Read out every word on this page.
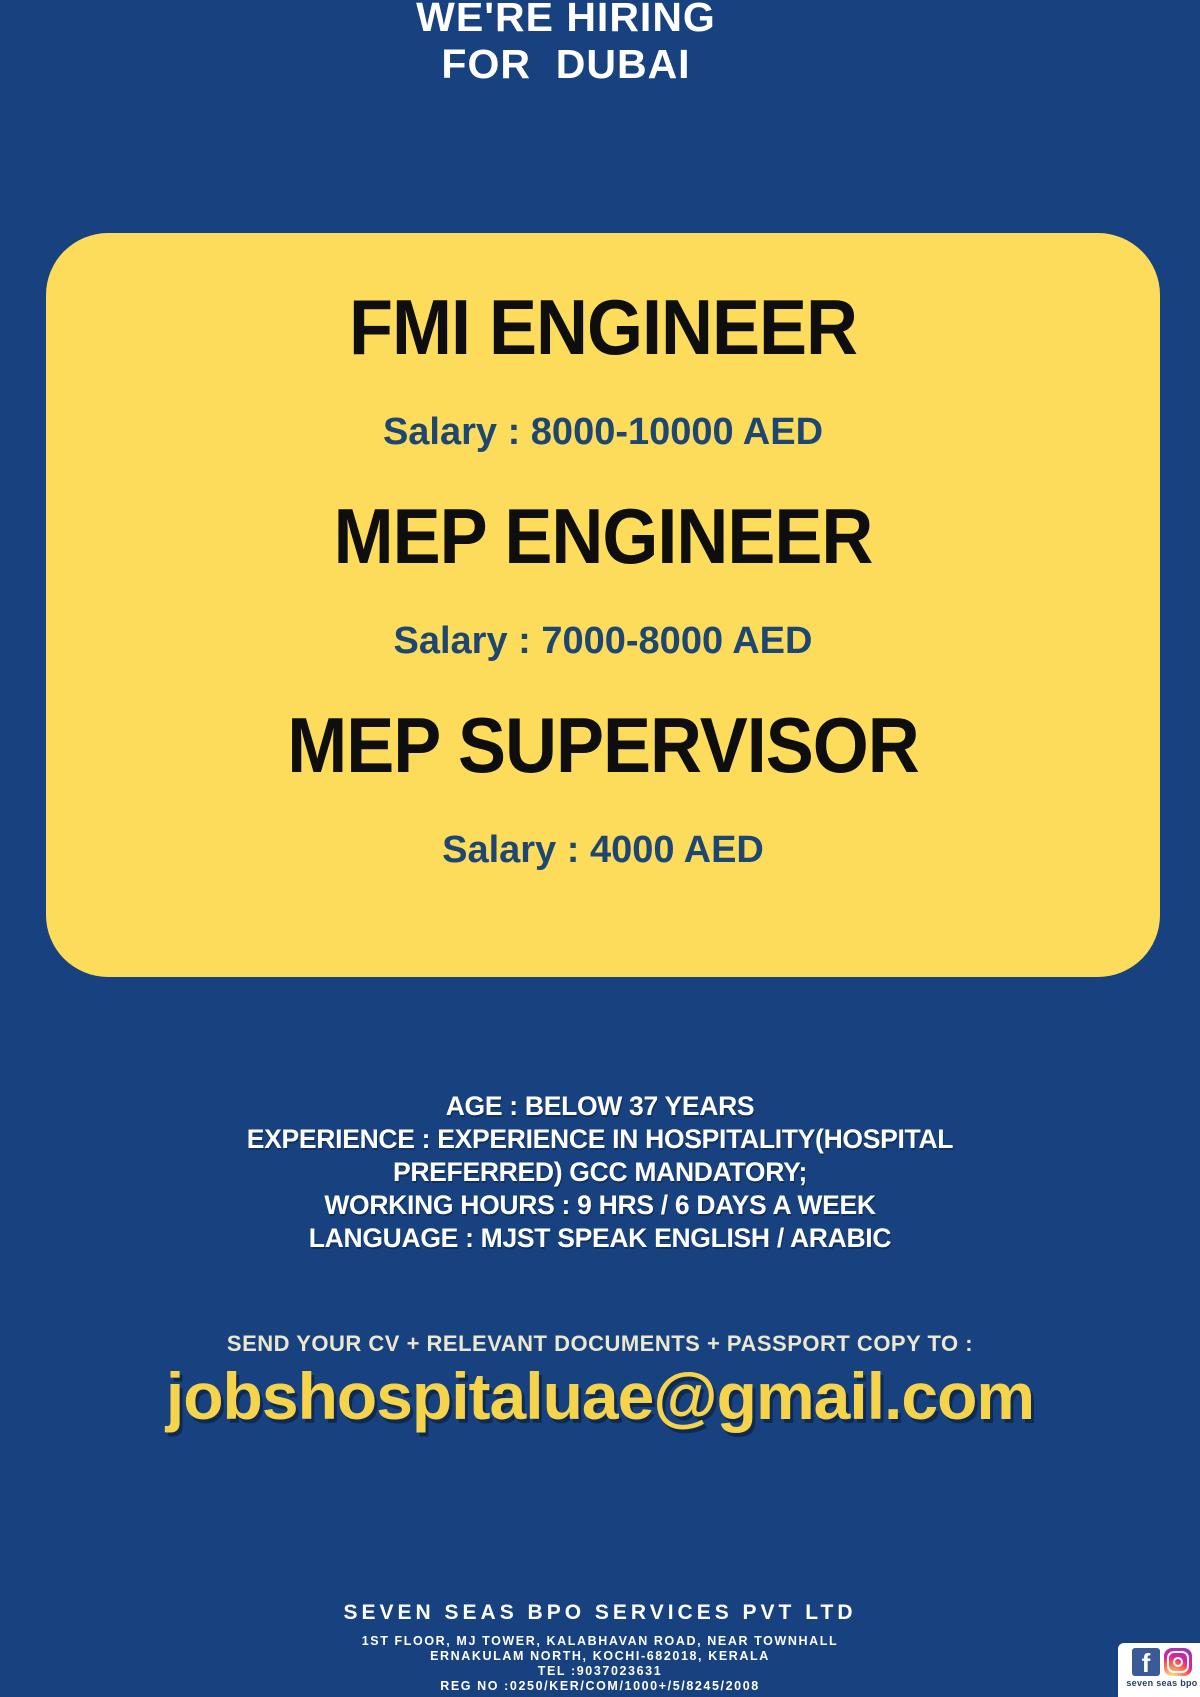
WE'RE HIRING
FOR  DUBAI
FMI ENGINEER
Salary : 8000-10000 AED
MEP ENGINEER
Salary : 7000-8000 AED
MEP SUPERVISOR
Salary : 4000 AED
AGE : BELOW 37 YEARS
EXPERIENCE : EXPERIENCE IN HOSPITALITY(HOSPITAL
PREFERRED) GCC MANDATORY;
WORKING HOURS : 9 HRS / 6 DAYS A WEEK
LANGUAGE : MJST SPEAK ENGLISH / ARABIC
SEND YOUR CV + RELEVANT DOCUMENTS + PASSPORT COPY TO :
jobshospitaluae@gmail.com
SEVEN SEAS BPO SERVICES PVT LTD
1ST FLOOR, MJ TOWER, KALABHAVAN ROAD, NEAR TOWNHALL
ERNAKULAM NORTH, KOCHI-682018, KERALA
TEL :9037023631
REG NO :0250/KER/COM/1000+/5/8245/2008
f
seven seas bpo
